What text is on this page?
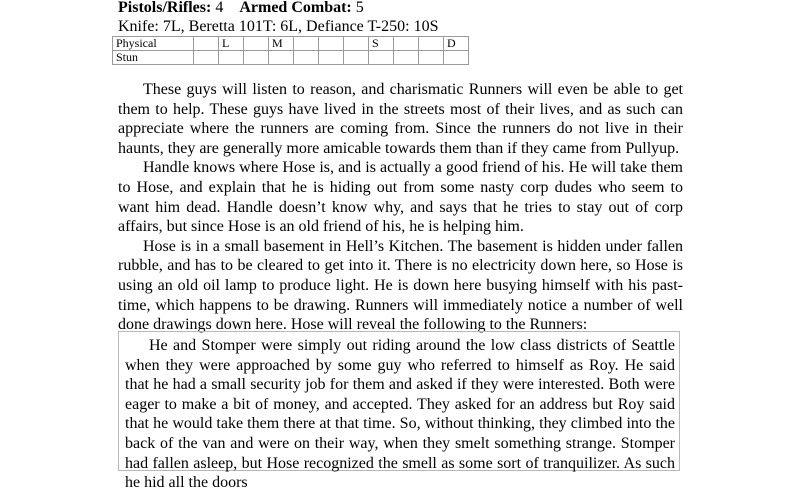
Pistols/Rifles: 4 Armed Combat: 5
Knife: 7L, Beretta 101T: 6L, Defiance T-250: 10S
Physical		L		M				S			D
Stun											

These guys will listen to reason, and charismatic Runners will even be able to get them to help. These guys have lived in the streets most of their lives, and as such can appreciate where the runners are coming from. Since the runners do not live in their haunts, they are generally more amicable towards them than if they came from Pullyup.

Handle knows where Hose is, and is actually a good friend of his. He will take them to Hose, and explain that he is hiding out from some nasty corp dudes who seem to want him dead. Handle doesn’t know why, and says that he tries to stay out of corp affairs, but since Hose is an old friend of his, he is helping him.

Hose is in a small basement in Hell’s Kitchen. The basement is hidden under fallen rubble, and has to be cleared to get into it. There is no electricity down here, so Hose is using an old oil lamp to produce light. He is down here busying himself with his past-time, which happens to be drawing. Runners will immediately notice a number of well done drawings down here. Hose will reveal the following to the Runners:

He and Stomper were simply out riding around the low class districts of Seattle when they were approached by some guy who referred to himself as Roy. He said that he had a small security job for them and asked if they were interested. Both were eager to make a bit of money, and accepted. They asked for an address but Roy said that he would take them there at that time. So, without thinking, they climbed into the back of the van and were on their way, when they smelt something strange. Stomper had fallen asleep, but Hose recognized the smell as some sort of tranquilizer. As such he hid all the doors
